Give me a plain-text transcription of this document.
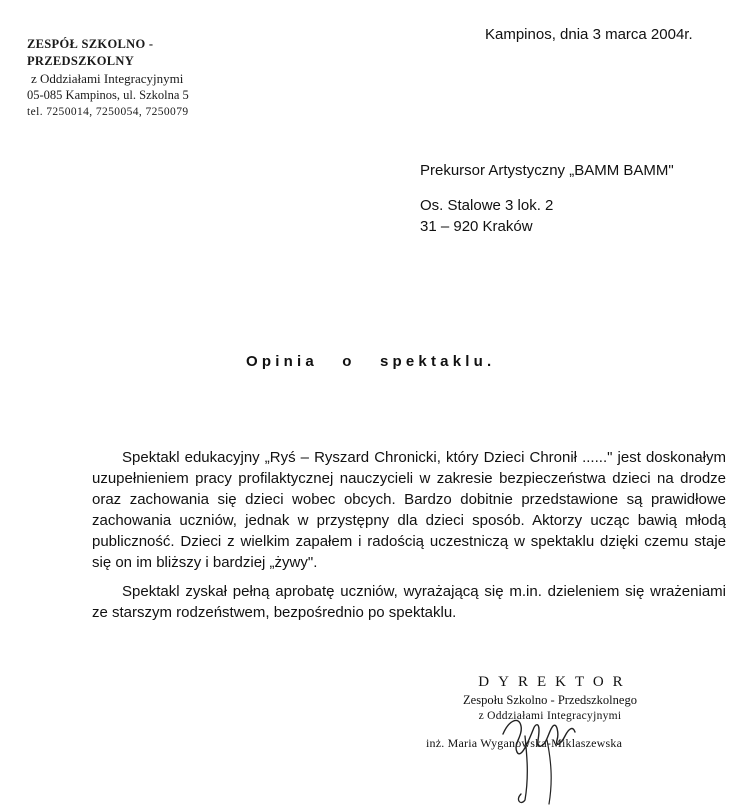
ZESPÓŁ SZKOLNO - PRZEDSZKOLNY
z Oddziałami Integracyjnymi
05-085 Kampinos, ul. Szkolna 5
tel. 7250014, 7250054, 7250079
Kampinos, dnia 3 marca 2004r.
Prekursor Artystyczny „BAMM BAMM"
Os. Stalowe 3 lok. 2
31 – 920 Kraków
Opinia o spektaklu.

Spektakl edukacyjny „Ryś – Ryszard Chronicki, który Dzieci Chronił ......" jest doskonałym uzupełnieniem pracy profilaktycznej nauczycieli w zakresie bezpieczeństwa dzieci na drodze oraz zachowania się dzieci wobec obcych. Bardzo dobitnie przedstawione są prawidłowe zachowania uczniów, jednak w przystępny dla dzieci sposób. Aktorzy ucząc bawią młodą publiczność. Dzieci z wielkim zapałem i radością uczestniczą w spektaklu dzięki czemu staje się on im bliższy i bardziej „żywy".

Spektakl zyskał pełną aprobatę uczniów, wyrażającą się m.in. dzieleniem się wrażeniami ze starszym rodzeństwem, bezpośrednio po spektaklu.

DYREKTOR
Zespołu Szkolno - Przedszkolnego
z Oddziałami Integracyjnymi
inż. Maria Wyganowska-Miklaszewska
